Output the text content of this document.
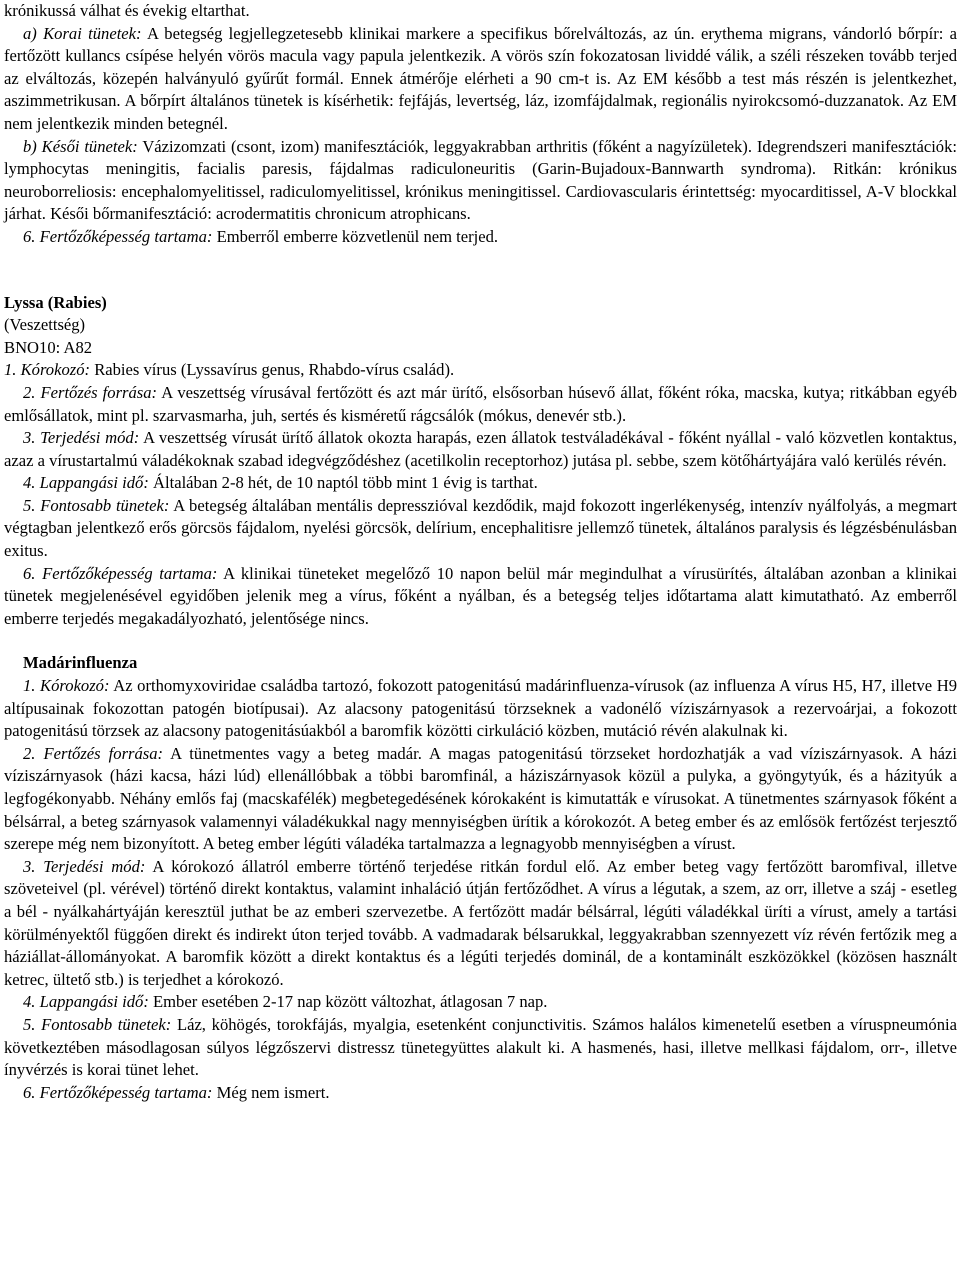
krónikussá válhat és évekig eltarthat.

a) Korai tünetek: A betegség legjellegzetesebb klinikai markere a specifikus bőrelváltozás, az ún. erythema migrans, vándorló bőrpír: a fertőzött kullancs csípése helyén vörös macula vagy papula jelentkezik. A vörös szín fokozatosan lividdé válik, a széli részeken tovább terjed az elváltozás, közepén halványuló gyűrűt formál. Ennek átmérője elérheti a 90 cm-t is. Az EM később a test más részén is jelentkezhet, aszimmetrikusan. A bőrpírt általános tünetek is kísérhetik: fejfájás, levertség, láz, izomfájdalmak, regionális nyirokcsomó-duzzanatok. Az EM nem jelentkezik minden betegnél.

b) Késői tünetek: Vázizomzati (csont, izom) manifesztációk, leggyakrabban arthritis (főként a nagyízületek). Idegrendszeri manifesztációk: lymphocytas meningitis, facialis paresis, fájdalmas radiculoneuritis (Garin-Bujadoux-Bannwarth syndroma). Ritkán: krónikus neuroborreliosis: encephalomyelitissel, radiculomyelitissel, krónikus meningitissel. Cardiovascularis érintettség: myocarditissel, A-V blockkal járhat. Késői bőrmanifesztáció: acrodermatitis chronicum atrophicans.

6. Fertőzőképesség tartama: Emberről emberre közvetlenül nem terjed.

Lyssa (Rabies)

(Veszettség)

BNO10: A82

1. Kórokozó: Rabies vírus (Lyssavírus genus, Rhabdo-vírus család).

2. Fertőzés forrása: A veszettség vírusával fertőzött és azt már ürítő, elsősorban húsevő állat, főként róka, macska, kutya; ritkábban egyéb emlősállatok, mint pl. szarvasmarha, juh, sertés és kisméretű rágcsálók (mókus, denevér stb.).

3. Terjedési mód: A veszettség vírusát ürítő állatok okozta harapás, ezen állatok testváladékával - főként nyállal - való közvetlen kontaktus, azaz a vírustartalmú váladékoknak szabad idegvégződéshez (acetilkolin receptorhoz) jutása pl. sebbe, szem kötőhártyájára való kerülés révén.

4. Lappangási idő: Általában 2-8 hét, de 10 naptól több mint 1 évig is tarthat.

5. Fontosabb tünetek: A betegség általában mentális depresszióval kezdődik, majd fokozott ingerlékenység, intenzív nyálfolyás, a megmart végtagban jelentkező erős görcsös fájdalom, nyelési görcsök, delírium, encephalitisre jellemző tünetek, általános paralysis és légzésbénulásban exitus.

6. Fertőzőképesség tartama: A klinikai tüneteket megelőző 10 napon belül már megindulhat a vírusürítés, általában azonban a klinikai tünetek megjelenésével egyidőben jelenik meg a vírus, főként a nyálban, és a betegség teljes időtartama alatt kimutatható. Az emberről emberre terjedés megakadályozható, jelentősége nincs.

Madárinfluenza

1. Kórokozó: Az orthomyxoviridae családba tartozó, fokozott patogenitású madárinfluenza-vírusok (az influenza A vírus H5, H7, illetve H9 altípusainak fokozottan patogén biotípusai). Az alacsony patogenitású törzseknek a vadonélő víziszárnyasok a rezervoárjai, a fokozott patogenitású törzsek az alacsony patogenitásúakból a baromfik közötti cirkuláció közben, mutáció révén alakulnak ki.

2. Fertőzés forrása: A tünetmentes vagy a beteg madár. A magas patogenitású törzseket hordozhatják a vad víziszárnyasok. A házi víziszárnyasok (házi kacsa, házi lúd) ellenállóbbak a többi baromfinál, a háziszárnyasok közül a pulyka, a gyöngytyúk, és a házityúk a legfogékonyabb. Néhány emlős faj (macskafélék) megbetegedésének kórokaként is kimutatták e vírusokat. A tünetmentes szárnyasok főként a bélsárral, a beteg szárnyasok valamennyi váladékukkal nagy mennyiségben ürítik a kórokozót. A beteg ember és az emlősök fertőzést terjesztő szerepe még nem bizonyított. A beteg ember légúti váladéka tartalmazza a legnagyobb mennyiségben a vírust.

3. Terjedési mód: A kórokozó állatról emberre történő terjedése ritkán fordul elő. Az ember beteg vagy fertőzött baromfival, illetve szöveteivel (pl. vérével) történő direkt kontaktus, valamint inhaláció útján fertőződhet. A vírus a légutak, a szem, az orr, illetve a száj - esetleg a bél - nyálkahártyáján keresztül juthat be az emberi szervezetbe. A fertőzött madár bélsárral, légúti váladékkal üríti a vírust, amely a tartási körülményektől függően direkt és indirekt úton terjed tovább. A vadmadarak bélsarukkal, leggyakrabban szennyezett víz révén fertőzik meg a háziállat-állományokat. A baromfik között a direkt kontaktus és a légúti terjedés dominál, de a kontaminált eszközökkel (közösen használt ketrec, ültető stb.) is terjedhet a kórokozó.

4. Lappangási idő: Ember esetében 2-17 nap között változhat, átlagosan 7 nap.

5. Fontosabb tünetek: Láz, köhögés, torokfájás, myalgia, esetenként conjunctivitis. Számos halálos kimenetelű esetben a víruspneumónia következtében másodlagosan súlyos légzőszervi distressz tünetegyüttes alakult ki. A hasmenés, hasi, illetve mellkasi fájdalom, orr-, illetve ínyvérzés is korai tünet lehet.

6. Fertőzőképesség tartama: Még nem ismert.
